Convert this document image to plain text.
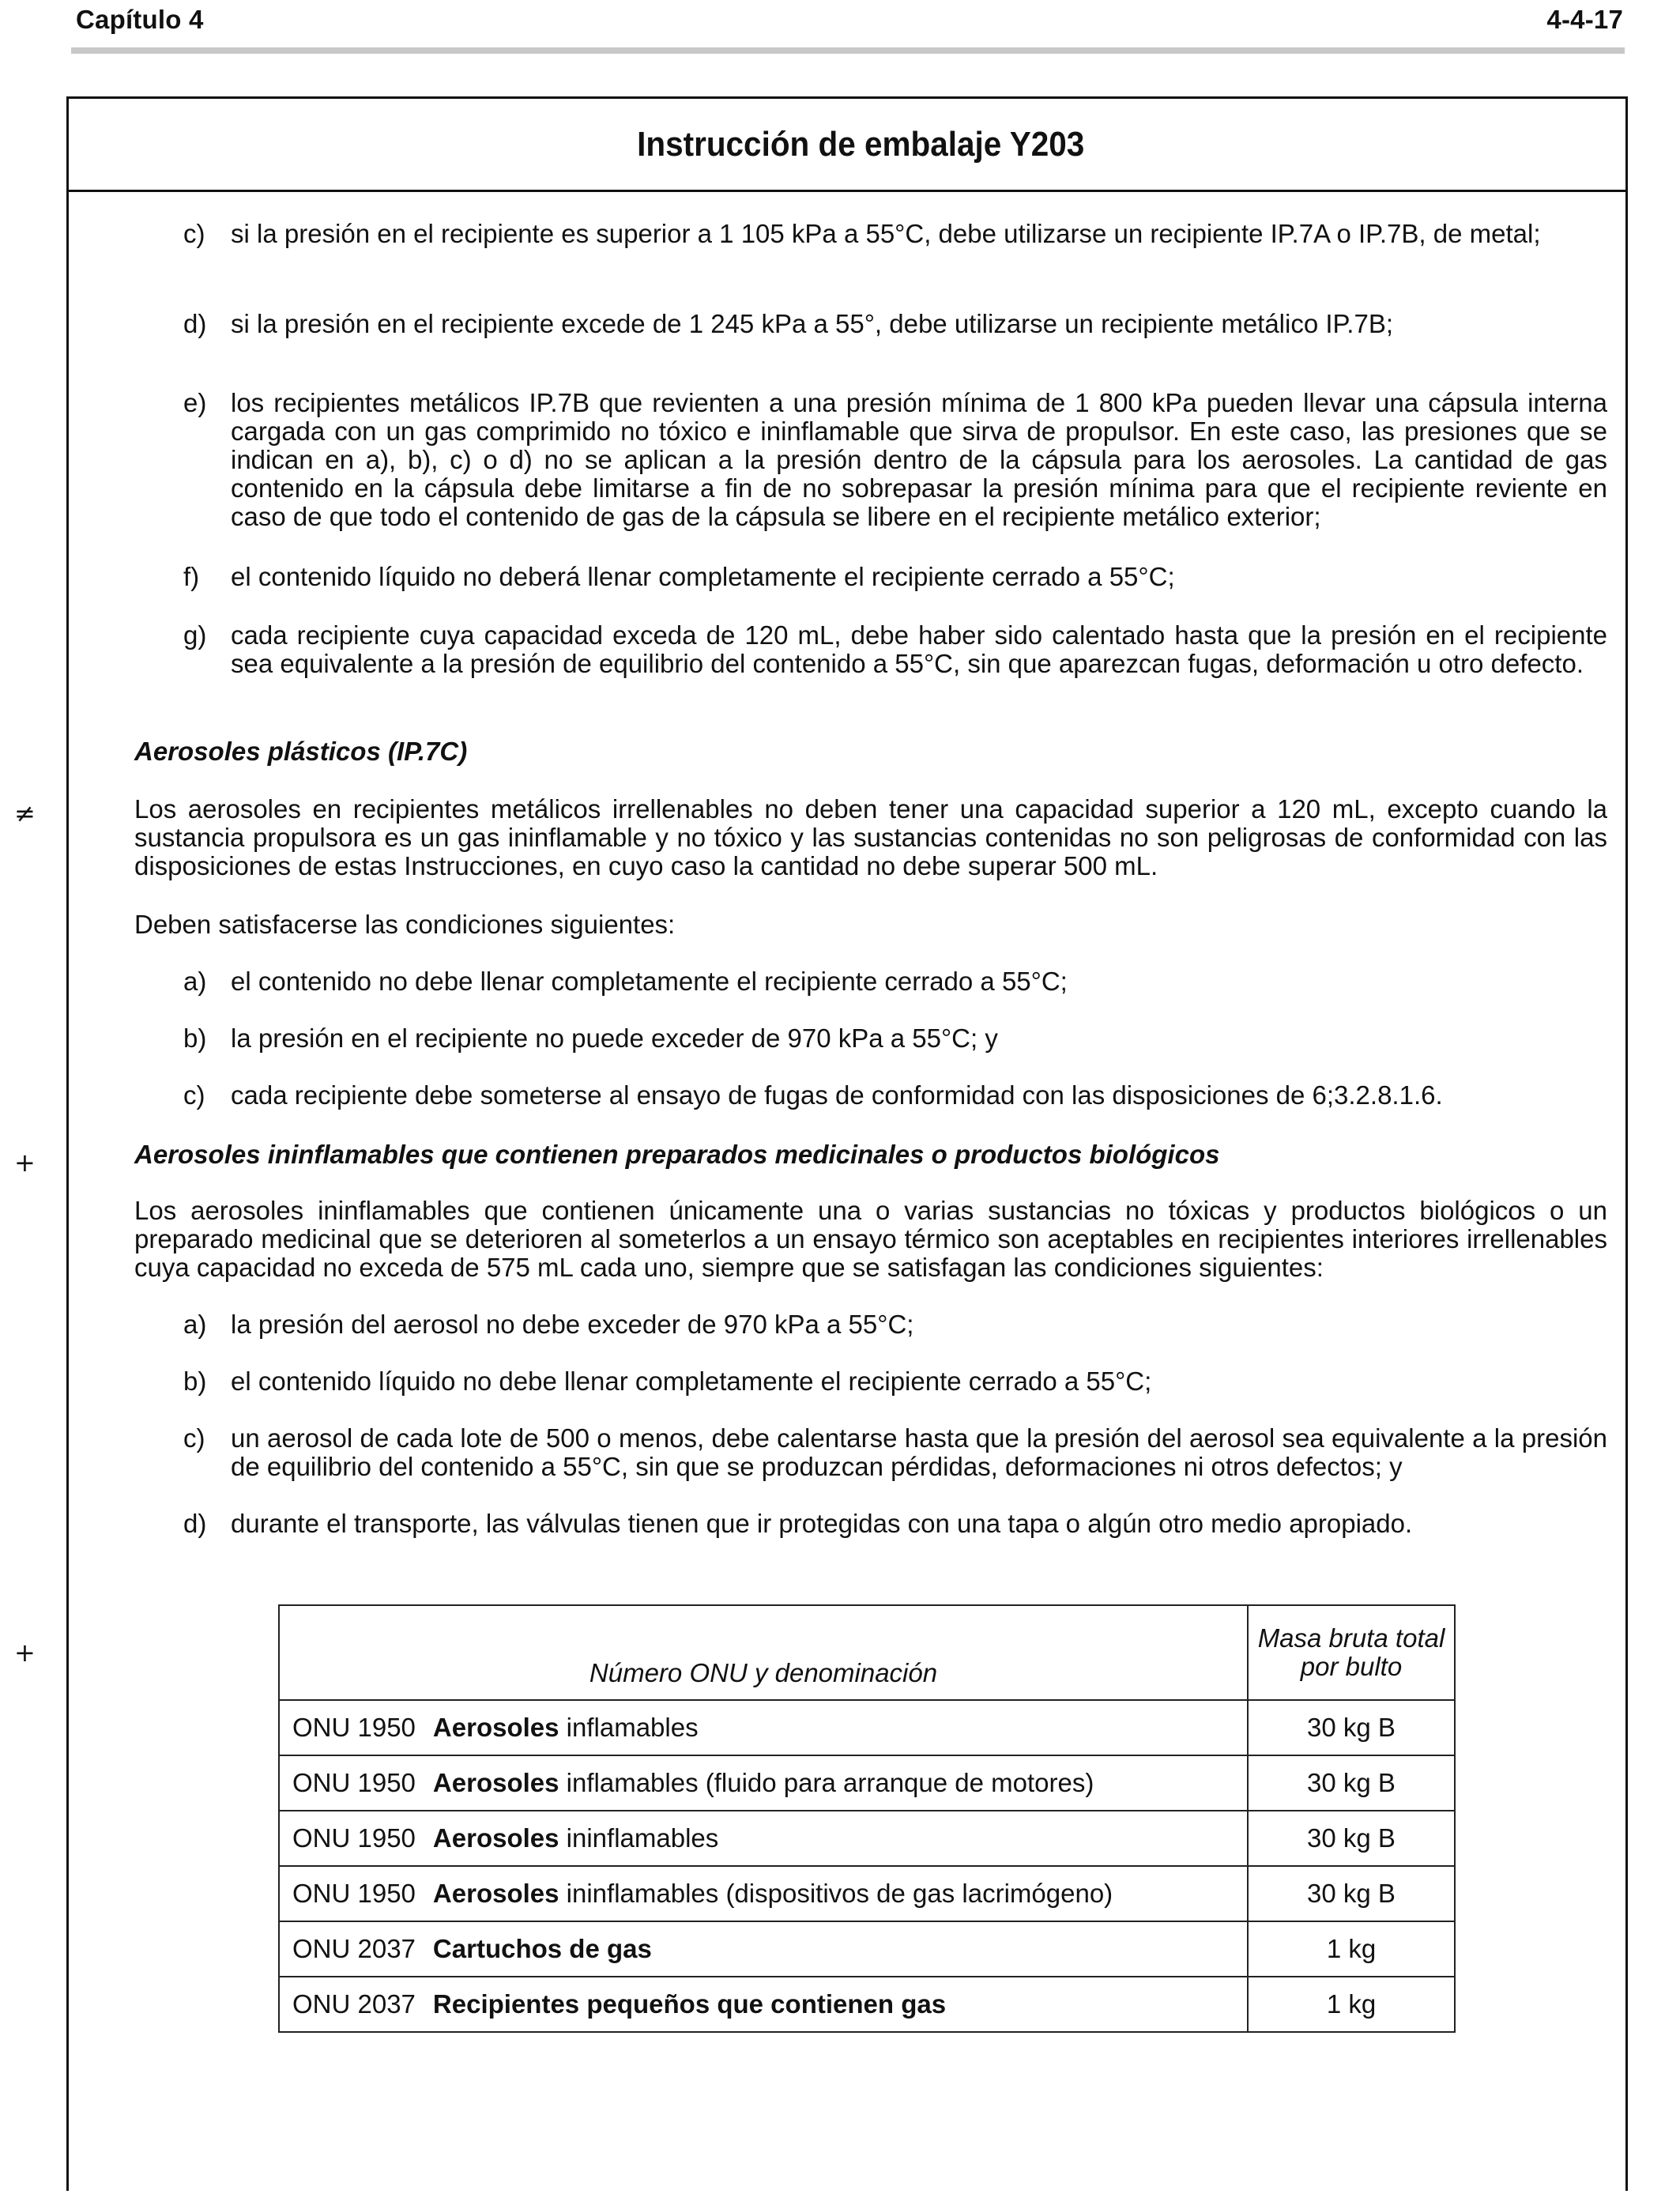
Capítulo 4	4-4-17
Instrucción de embalaje Y203
c) si la presión en el recipiente es superior a 1 105 kPa a 55°C, debe utilizarse un recipiente IP.7A o IP.7B, de metal;
d) si la presión en el recipiente excede de 1 245 kPa a 55°, debe utilizarse un recipiente metálico IP.7B;
e) los recipientes metálicos IP.7B que revienten a una presión mínima de 1 800 kPa pueden llevar una cápsula interna cargada con un gas comprimido no tóxico e ininflamable que sirva de propulsor. En este caso, las presiones que se indican en a), b), c) o d) no se aplican a la presión dentro de la cápsula para los aerosoles. La cantidad de gas contenido en la cápsula debe limitarse a fin de no sobrepasar la presión mínima para que el recipiente reviente en caso de que todo el contenido de gas de la cápsula se libere en el recipiente metálico exterior;
f)	el contenido líquido no deberá llenar completamente el recipiente cerrado a 55°C;
g) cada recipiente cuya capacidad exceda de 120 mL, debe haber sido calentado hasta que la presión en el recipiente sea equivalente a la presión de equilibrio del contenido a 55°C, sin que aparezcan fugas, deformación u otro defecto.
Aerosoles plásticos (IP.7C)
≠	Los aerosoles en recipientes metálicos irrellenables no deben tener una capacidad superior a 120 mL, excepto cuando la sustancia propulsora es un gas ininflamable y no tóxico y las sustancias contenidas no son peligrosas de conformidad con las disposiciones de estas Instrucciones, en cuyo caso la cantidad no debe superar 500 mL.
Deben satisfacerse las condiciones siguientes:
a) el contenido no debe llenar completamente el recipiente cerrado a 55°C;
b) la presión en el recipiente no puede exceder de 970 kPa a 55°C; y
c) cada recipiente debe someterse al ensayo de fugas de conformidad con las disposiciones de 6;3.2.8.1.6.
+	Aerosoles ininflamables que contienen preparados medicinales o productos biológicos
Los aerosoles ininflamables que contienen únicamente una o varias sustancias no tóxicas y productos biológicos o un preparado medicinal que se deterioren al someterlos a un ensayo térmico son aceptables en recipientes interiores irrellenables cuya capacidad no exceda de 575 mL cada uno, siempre que se satisfagan las condiciones siguientes:
a) la presión del aerosol no debe exceder de 970 kPa a 55°C;
b) el contenido líquido no debe llenar completamente el recipiente cerrado a 55°C;
c) un aerosol de cada lote de 500 o menos, debe calentarse hasta que la presión del aerosol sea equivalente a la presión de equilibrio del contenido a 55°C, sin que se produzcan pérdidas, deformaciones ni otros defectos; y
d) durante el transporte, las válvulas tienen que ir protegidas con una tapa o algún otro medio apropiado.
+
Número ONU y denominación	Masa bruta total por bulto
ONU 1950 Aerosoles inflamables	30 kg B
ONU 1950 Aerosoles inflamables (fluido para arranque de motores)	30 kg B
ONU 1950 Aerosoles ininflamables	30 kg B
ONU 1950 Aerosoles ininflamables (dispositivos de gas lacrimógeno)	30 kg B
ONU 2037 Cartuchos de gas	1 kg
ONU 2037 Recipientes pequeños que contienen gas	1 kg
